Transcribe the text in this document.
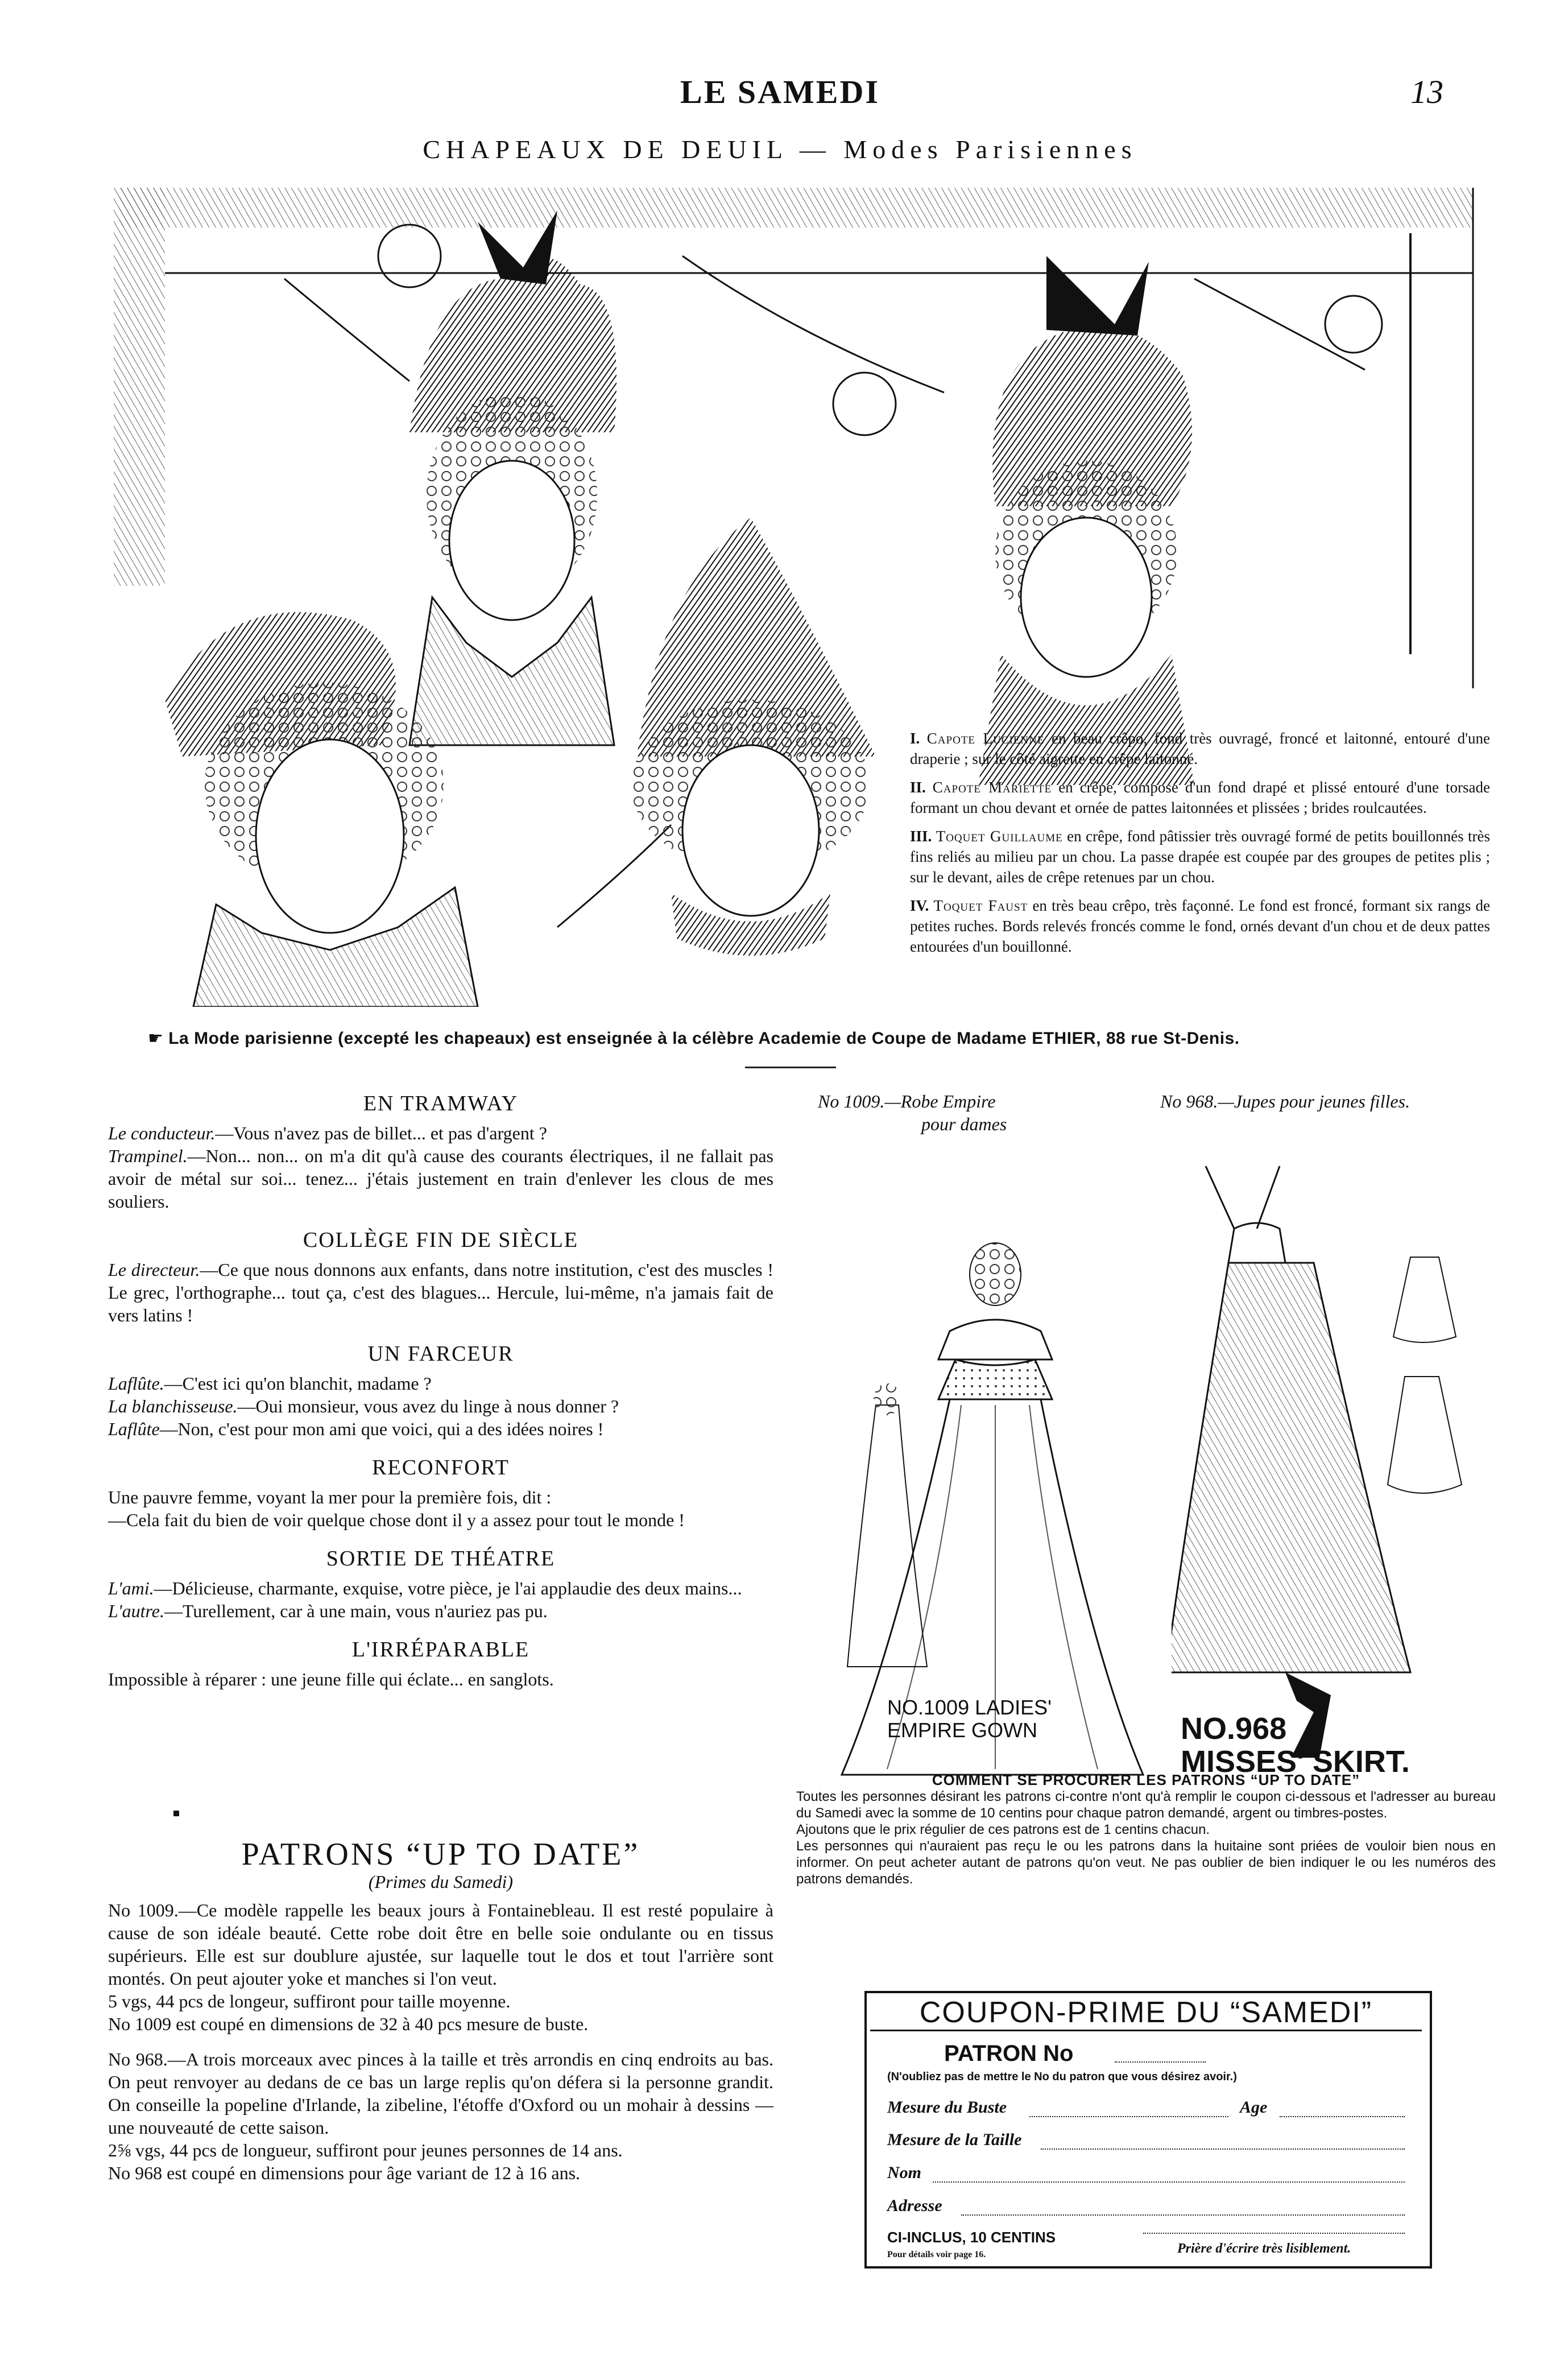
LE SAMEDI	13
CHAPEAUX DE DEUIL — Modes Parisiennes

I. Capote Lucienne en beau crêpo, fond très ouvragé, froncé et laitonné, entouré d'une draperie ; sur le côté aigrette en crêpe laitonné.

II. Capote Mariette en crêpe, composé d'un fond drapé et plissé entouré d'une torsade formant un chou devant et ornée de pattes laitonnées et plissées ; brides roulcautées.

III. Toquet Guillaume en crêpe, fond pâtissier très ouvragé formé de petits bouillonnés très fins reliés au milieu par un chou. La passe drapée est coupée par des groupes de petites plis ; sur le devant, ailes de crêpe retenues par un chou.

IV. Toquet Faust en très beau crêpo, très façonné. Le fond est froncé, formant six rangs de petites ruches. Bords relevés froncés comme le fond, ornés devant d'un chou et de deux pattes entourées d'un bouillonné.

☛ La Mode parisienne (excepté les chapeaux) est enseignée à la célèbre Academie de Coupe de Madame ETHIER, 88 rue St-Denis.
EN TRAMWAY

Le conducteur.—Vous n'avez pas de billet... et pas d'argent ?

Trampinel.—Non... non... on m'a dit qu'à cause des courants électriques, il ne fallait pas avoir de métal sur soi... tenez... j'étais justement en train d'enlever les clous de mes souliers.

COLLÈGE FIN DE SIÈCLE

Le directeur.—Ce que nous donnons aux enfants, dans notre institution, c'est des muscles ! Le grec, l'orthographe... tout ça, c'est des blagues... Hercule, lui-même, n'a jamais fait de vers latins !

UN FARCEUR

Laflûte.—C'est ici qu'on blanchit, madame ?

La blanchisseuse.—Oui monsieur, vous avez du linge à nous donner ?

Laflûte—Non, c'est pour mon ami que voici, qui a des idées noires !

RECONFORT

Une pauvre femme, voyant la mer pour la première fois, dit :

—Cela fait du bien de voir quelque chose dont il y a assez pour tout le monde !

SORTIE DE THÉATRE

L'ami.—Délicieuse, charmante, exquise, votre pièce, je l'ai applaudie des deux mains...

L'autre.—Turellement, car à une main, vous n'auriez pas pu.

L'IRRÉPARABLE

Impossible à réparer : une jeune fille qui éclate... en sanglots.

PATRONS “UP TO DATE”
(Primes du Samedi)

No 1009.—Ce modèle rappelle les beaux jours à Fontainebleau. Il est resté populaire à cause de son idéale beauté. Cette robe doit être en belle soie ondulante ou en tissus supérieurs. Elle est sur doublure ajustée, sur laquelle tout le dos et tout l'arrière sont montés. On peut ajouter yoke et manches si l'on veut.

5 vgs, 44 pcs de longeur, suffiront pour taille moyenne.

No 1009 est coupé en dimensions de 32 à 40 pcs mesure de buste.

No 968.—A trois morceaux avec pinces à la taille et très arrondis en cinq endroits au bas. On peut renvoyer au dedans de ce bas un large replis qu'on défera si la personne grandit. On conseille la popeline d'Irlande, la zibeline, l'étoffe d'Oxford ou un mohair à dessins — une nouveauté de cette saison.

2⅝ vgs, 44 pcs de longueur, suffiront pour jeunes personnes de 14 ans.

No 968 est coupé en dimensions pour âge variant de 12 à 16 ans.

No 1009.—Robe Empire
pour dames
No 968.—Jupes pour jeunes filles.
NO.1009 LADIES'
EMPIRE GOWN	NO.968
MISSES' SKIRT.
COMMENT SE PROCURER LES PATRONS “UP TO DATE”

Toutes les personnes désirant les patrons ci-contre n'ont qu'à remplir le coupon ci-dessous et l'adresser au bureau du Samedi avec la somme de 10 centins pour chaque patron demandé, argent ou timbres-postes.

Ajoutons que le prix régulier de ces patrons est de 1 centins chacun.

Les personnes qui n'auraient pas reçu le ou les patrons dans la huitaine sont priées de vouloir bien nous en informer. On peut acheter autant de patrons qu'on veut. Ne pas oublier de bien indiquer le ou les numéros des patrons demandés.

COUPON-PRIME DU “SAMEDI”
PATRON No
(N'oubliez pas de mettre le No du patron que vous désirez avoir.)
Mesure du Buste	Age
Mesure de la Taille
Nom
Adresse
CI-INCLUS, 10 CENTINS
Prière d'écrire très lisiblement.
Pour détails voir page 16.
